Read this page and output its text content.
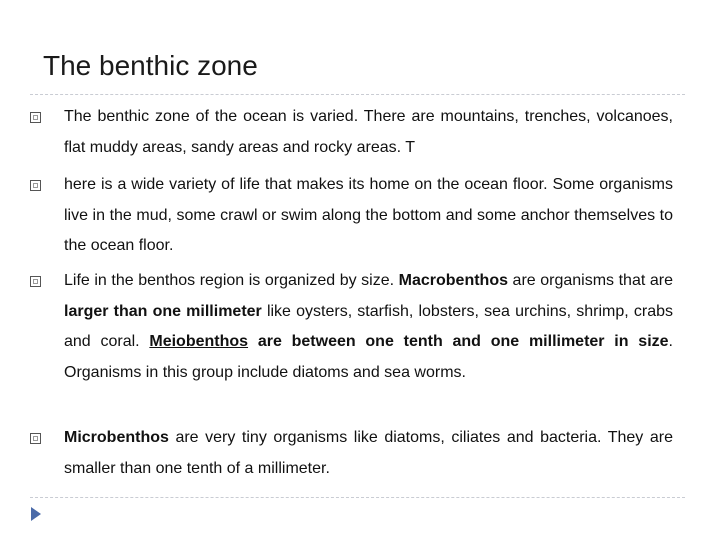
The benthic zone

The benthic zone of the ocean is varied. There are mountains, trenches, volcanoes, flat muddy areas, sandy areas and rocky areas. T

here is a wide variety of life that makes its home on the ocean floor. Some organisms live in the mud, some crawl or swim along the bottom and some anchor themselves to the ocean floor.

Life in the benthos region is organized by size. Macrobenthos are organisms that are larger than one millimeter like oysters, starfish, lobsters, sea urchins, shrimp, crabs and coral. Meiobenthos are between one tenth and one millimeter in size. Organisms in this group include diatoms and sea worms.

Microbenthos are very tiny organisms like diatoms, ciliates and bacteria. They are smaller than one tenth of a millimeter.
